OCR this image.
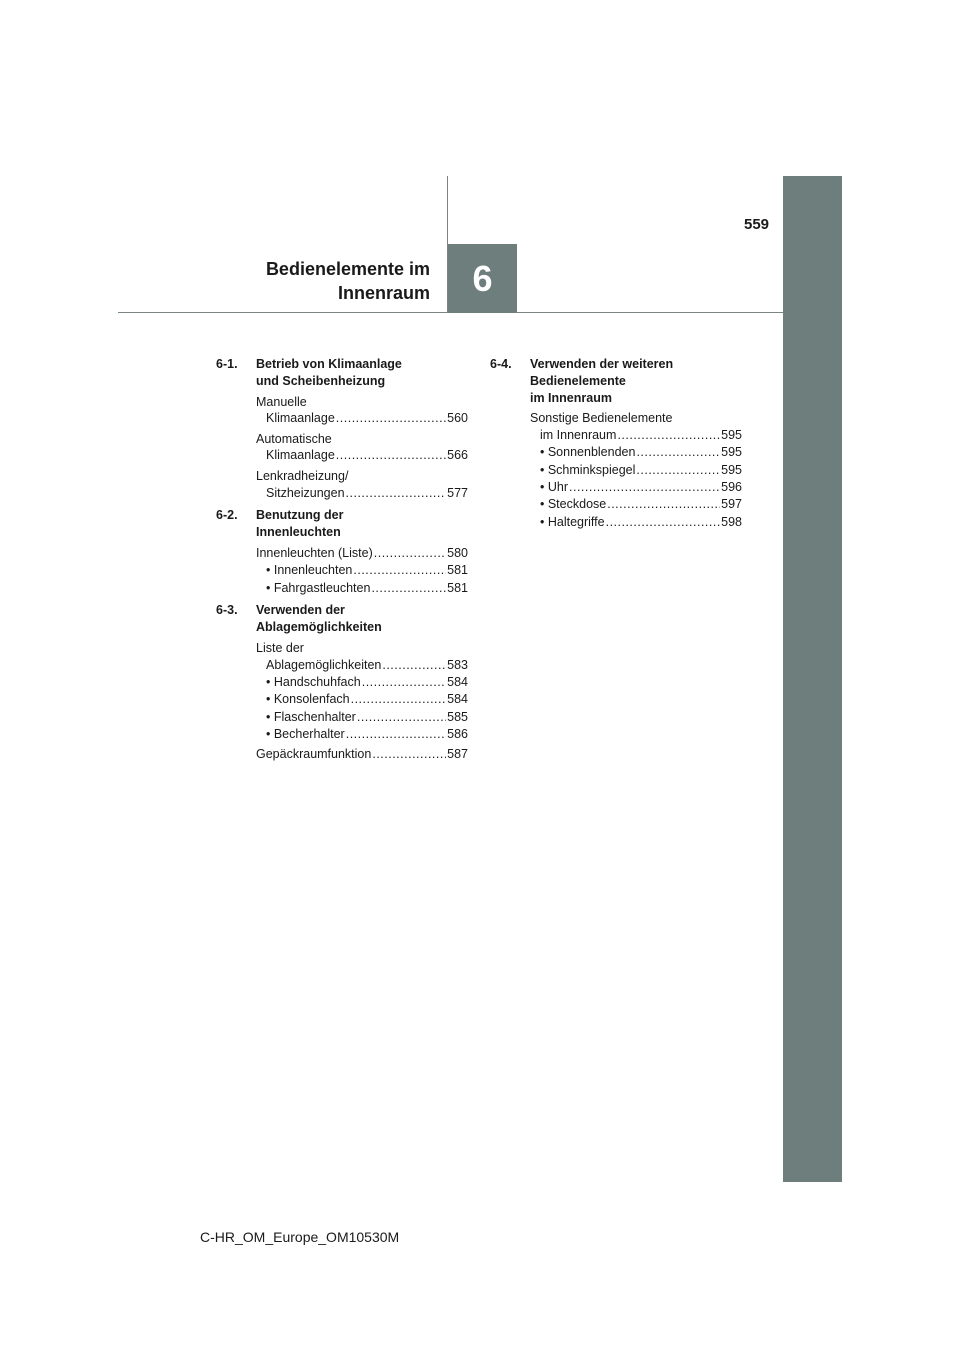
559
Bedienelemente im
Innenraum 6
6-1.	Betrieb von Klimaanlage
und Scheibenheizung
Manuelle
Klimaanlage .....	560
Automatische
Klimaanlage .....	566
Lenkradheizung/
Sitzheizungen .....	577
6-2.	Benutzung der
Innenleuchten
Innenleuchten (Liste) .....	580
• Innenleuchten .....	581
• Fahrgastleuchten .....	581
6-3.	Verwenden der
Ablagemöglichkeiten
Liste der
Ablagemöglichkeiten .....	583
• Handschuhfach .....	584
• Konsolenfach .....	584
• Flaschenhalter .....	585
• Becherhalter .....	586
Gepäckraumfunktion .....	587
6-4.	Verwenden der weiteren
Bedienelemente
im Innenraum
Sonstige Bedienelemente
im Innenraum .....	595
• Sonnenblenden .....	595
• Schminkspiegel .....	595
• Uhr .....	596
• Steckdose .....	597
• Haltegriffe .....	598
C-HR_OM_Europe_OM10530M
